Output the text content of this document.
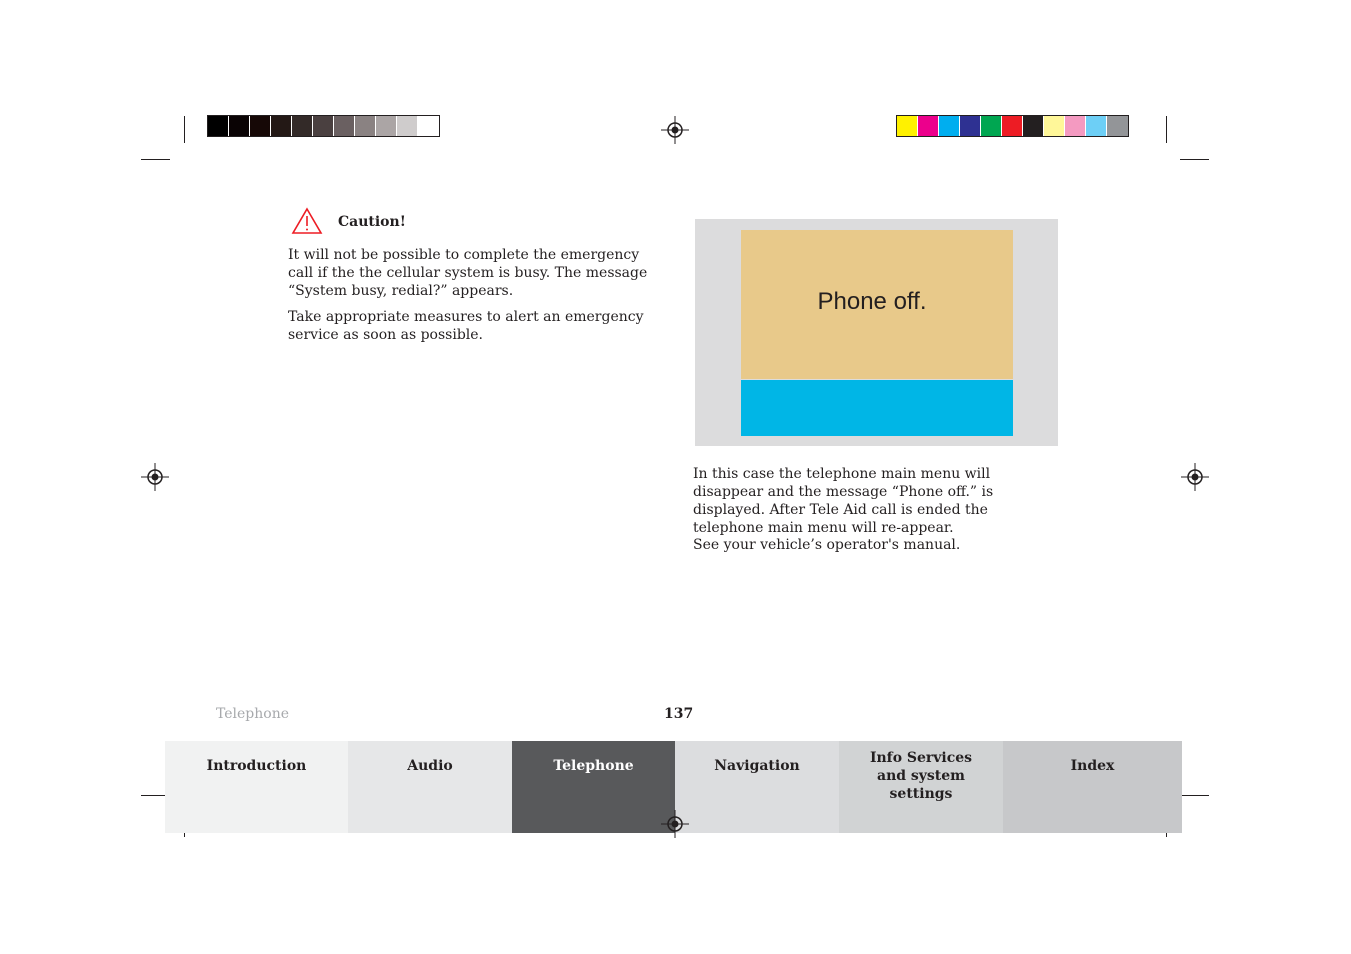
Caution!
It will not be possible to complete the emergency call if the the cellular system is busy. The message “System busy, redial?” appears.
Take appropriate measures to alert an emergency service as soon as possible.
Phone off.
In this case the telephone main menu will disappear and the message “Phone off.” is displayed. After Tele Aid call is ended the telephone main menu will re-appear.
See your vehicle’s operator's manual.
Telephone	137
Introduction	Audio	Telephone	Navigation	Info Services and system settings
Index
